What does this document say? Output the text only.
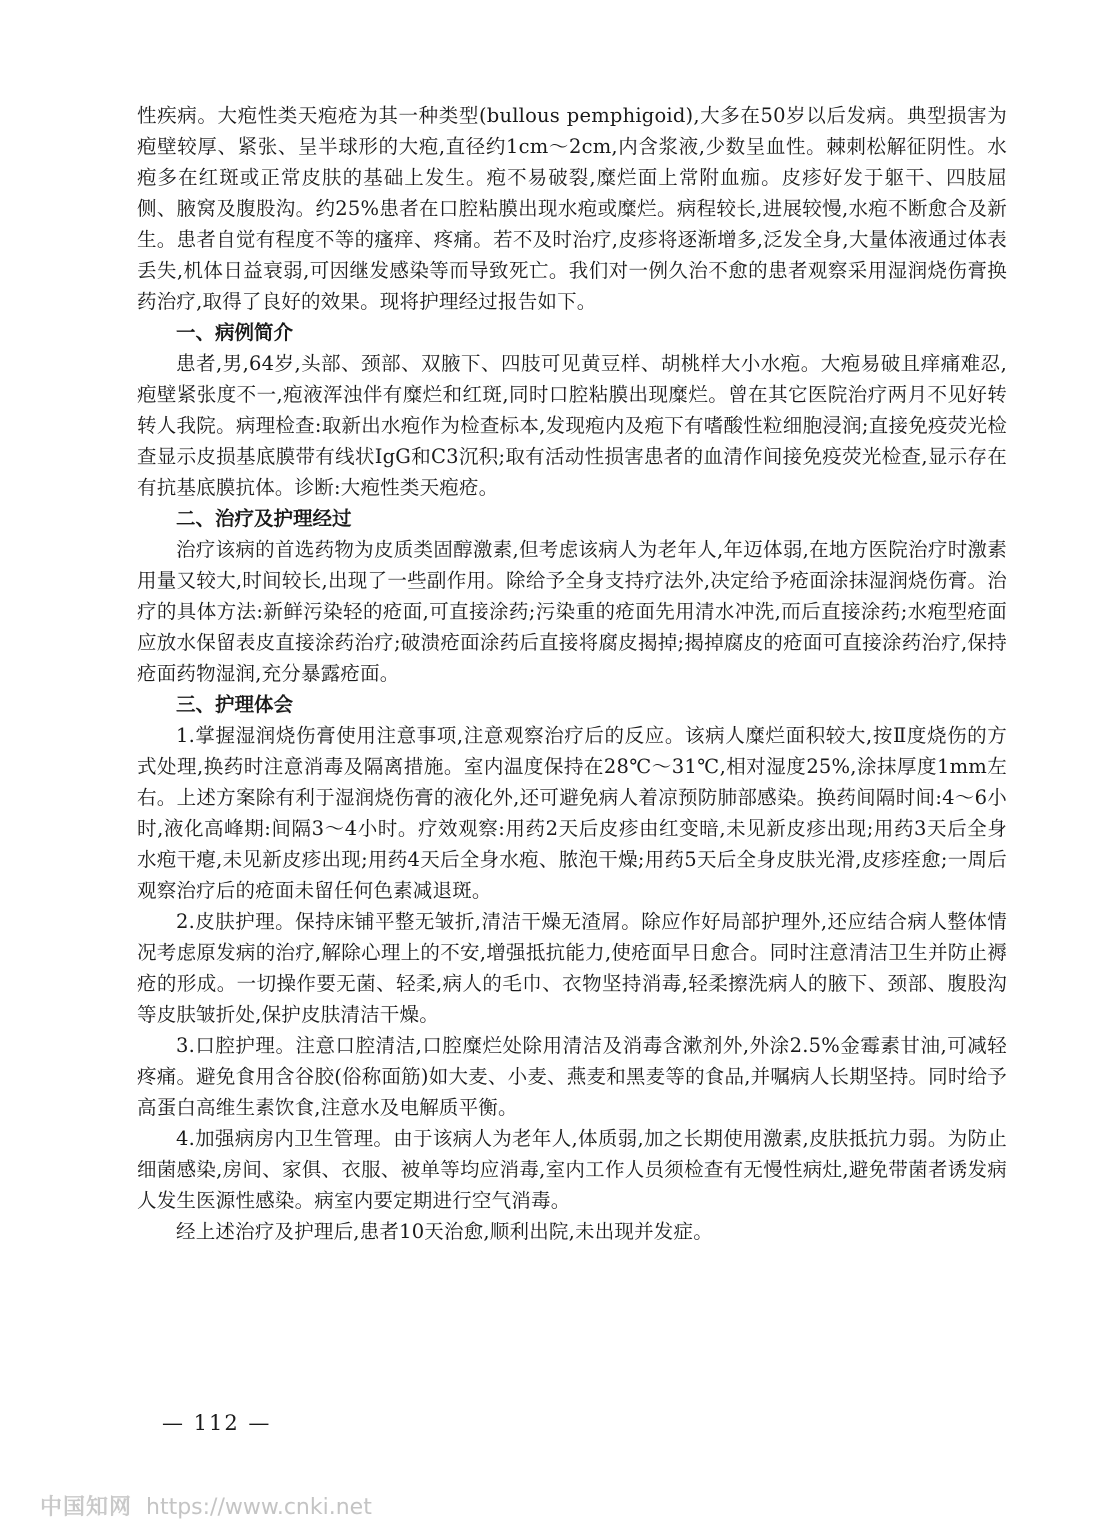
性疾病。大疱性类天疱疮为其一种类型(bullous pemphigoid),大多在50岁以后发病。典型损害为疱壁较厚、紧张、呈半球形的大疱,直径约1cm～2cm,内含浆液,少数呈血性。棘刺松解征阴性。水疱多在红斑或正常皮肤的基础上发生。疱不易破裂,糜烂面上常附血痂。皮疹好发于躯干、四肢屈侧、腋窝及腹股沟。约25%患者在口腔粘膜出现水疱或糜烂。病程较长,进展较慢,水疱不断愈合及新生。患者自觉有程度不等的瘙痒、疼痛。若不及时治疗,皮疹将逐渐增多,泛发全身,大量体液通过体表丢失,机体日益衰弱,可因继发感染等而导致死亡。我们对一例久治不愈的患者观察采用湿润烧伤膏换药治疗,取得了良好的效果。现将护理经过报告如下。

一、病例简介

患者,男,64岁,头部、颈部、双腋下、四肢可见黄豆样、胡桃样大小水疱。大疱易破且痒痛难忍,疱壁紧张度不一,疱液浑浊伴有糜烂和红斑,同时口腔粘膜出现糜烂。曾在其它医院治疗两月不见好转转人我院。病理检查:取新出水疱作为检查标本,发现疱内及疱下有嗜酸性粒细胞浸润;直接免疫荧光检查显示皮损基底膜带有线状IgG和C3沉积;取有活动性损害患者的血清作间接免疫荧光检查,显示存在有抗基底膜抗体。诊断:大疱性类天疱疮。

二、治疗及护理经过

治疗该病的首选药物为皮质类固醇激素,但考虑该病人为老年人,年迈体弱,在地方医院治疗时激素用量又较大,时间较长,出现了一些副作用。除给予全身支持疗法外,决定给予疮面涂抹湿润烧伤膏。治疗的具体方法:新鲜污染轻的疮面,可直接涂药;污染重的疮面先用清水冲洗,而后直接涂药;水疱型疮面应放水保留表皮直接涂药治疗;破溃疮面涂药后直接将腐皮揭掉;揭掉腐皮的疮面可直接涂药治疗,保持疮面药物湿润,充分暴露疮面。

三、护理体会

1.掌握湿润烧伤膏使用注意事项,注意观察治疗后的反应。该病人糜烂面积较大,按Ⅱ度烧伤的方式处理,换药时注意消毒及隔离措施。室内温度保持在28℃～31℃,相对湿度25%,涂抹厚度1mm左右。上述方案除有利于湿润烧伤膏的液化外,还可避免病人着凉预防肺部感染。换药间隔时间:4～6小时,液化高峰期:间隔3～4小时。疗效观察:用药2天后皮疹由红变暗,未见新皮疹出现;用药3天后全身水疱干瘪,未见新皮疹出现;用药4天后全身水疱、脓泡干燥;用药5天后全身皮肤光滑,皮疹痊愈;一周后观察治疗后的疮面未留任何色素减退斑。

2.皮肤护理。保持床铺平整无皱折,清洁干燥无渣屑。除应作好局部护理外,还应结合病人整体情况考虑原发病的治疗,解除心理上的不安,增强抵抗能力,使疮面早日愈合。同时注意清洁卫生并防止褥疮的形成。一切操作要无菌、轻柔,病人的毛巾、衣物坚持消毒,轻柔擦洗病人的腋下、颈部、腹股沟等皮肤皱折处,保护皮肤清洁干燥。

3.口腔护理。注意口腔清洁,口腔糜烂处除用清洁及消毒含漱剂外,外涂2.5%金霉素甘油,可减轻疼痛。避免食用含谷胶(俗称面筋)如大麦、小麦、燕麦和黑麦等的食品,并嘱病人长期坚持。同时给予高蛋白高维生素饮食,注意水及电解质平衡。

4.加强病房内卫生管理。由于该病人为老年人,体质弱,加之长期使用激素,皮肤抵抗力弱。为防止细菌感染,房间、家俱、衣服、被单等均应消毒,室内工作人员须检查有无慢性病灶,避免带菌者诱发病人发生医源性感染。病室内要定期进行空气消毒。

经上述治疗及护理后,患者10天治愈,顺利出院,未出现并发症。

— 112 —
中国知网 https://www.cnki.net
